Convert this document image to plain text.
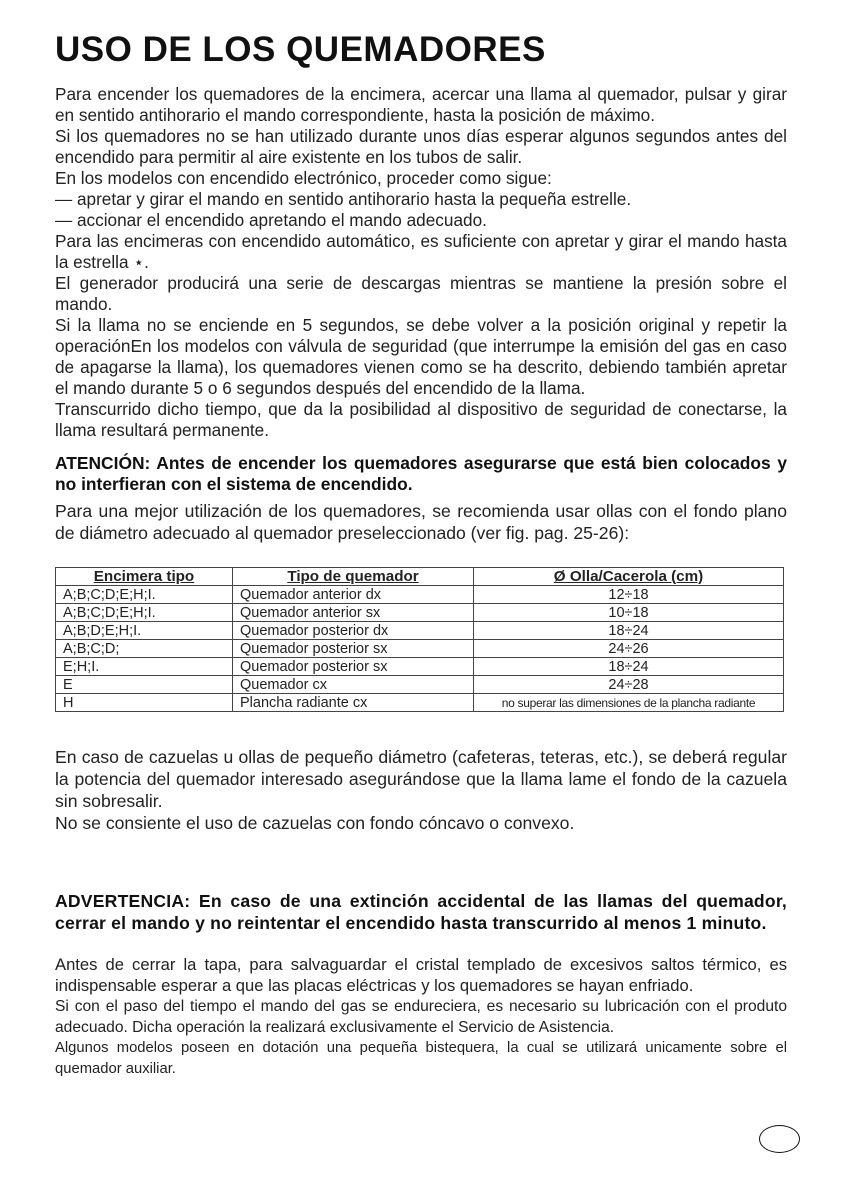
USO DE LOS QUEMADORES

Para encender los quemadores de la encimera, acercar una llama al quemador, pulsar y girar en sentido antihorario el mando correspondiente, hasta la posición de máximo.

Si los quemadores no se han utilizado durante unos días esperar algunos segundos antes del encendido para permitir al aire existente en los tubos de salir.

En los modelos con encendido electrónico, proceder como sigue:

— apretar y girar el mando en sentido antihorario hasta la pequeña estrelle.

— accionar el encendido apretando el mando adecuado.

Para las encimeras con encendido automático, es suficiente con apretar y girar el mando hasta la estrella ⋆.

El generador producirá una serie de descargas mientras se mantiene la presión sobre el mando.

Si la llama no se enciende en 5 segundos, se debe volver a la posición original y repetir la operaciónEn los modelos con válvula de seguridad (que interrumpe la emisión del gas en caso de apagarse la llama), los quemadores vienen como se ha descrito, debiendo también apretar el mando durante 5 o 6 segundos después del encendido de la llama.

Transcurrido dicho tiempo, que da la posibilidad al dispositivo de seguridad de conectarse, la llama resultará permanente.

ATENCIÓN: Antes de encender los quemadores asegurarse que está bien colocados y no interfieran con el sistema de encendido.
Para una mejor utilización de los quemadores, se recomienda usar ollas con el fondo plano de diámetro adecuado al quemador preseleccionado (ver fig. pag. 25-26):
Encimera tipo	Tipo de quemador	Ø Olla/Cacerola (cm)
A;B;C;D;E;H;I.	Quemador anterior dx	12÷18
A;B;C;D;E;H;I.	Quemador anterior sx	10÷18
A;B;D;E;H;I.	Quemador posterior dx	18÷24
A;B;C;D;	Quemador posterior sx	24÷26
E;H;I.	Quemador posterior sx	18÷24
E	Quemador cx	24÷28
H	Plancha radiante cx	no superar las dimensiones de la plancha radiante

En caso de cazuelas u ollas de pequeño diámetro (cafeteras, teteras, etc.), se deberá regular la potencia del quemador interesado asegurándose que la llama lame el fondo de la cazuela sin sobresalir.

No se consiente el uso de cazuelas con fondo cóncavo o convexo.

ADVERTENCIA: En caso de una extinción accidental de las llamas del quemador, cerrar el mando y no reintentar el encendido hasta transcurrido al menos 1 minuto.

Antes de cerrar la tapa, para salvaguardar el cristal templado de excesivos saltos térmico, es indispensable esperar a que las placas eléctricas y los quemadores se hayan enfriado.

Si con el paso del tiempo el mando del gas se endureciera, es necesario su lubricación con el produto adecuado. Dicha operación la realizará exclusivamente el Servicio de Asistencia.

Algunos modelos poseen en dotación una pequeña bistequera, la cual se utilizará unicamente sobre el quemador auxiliar.
